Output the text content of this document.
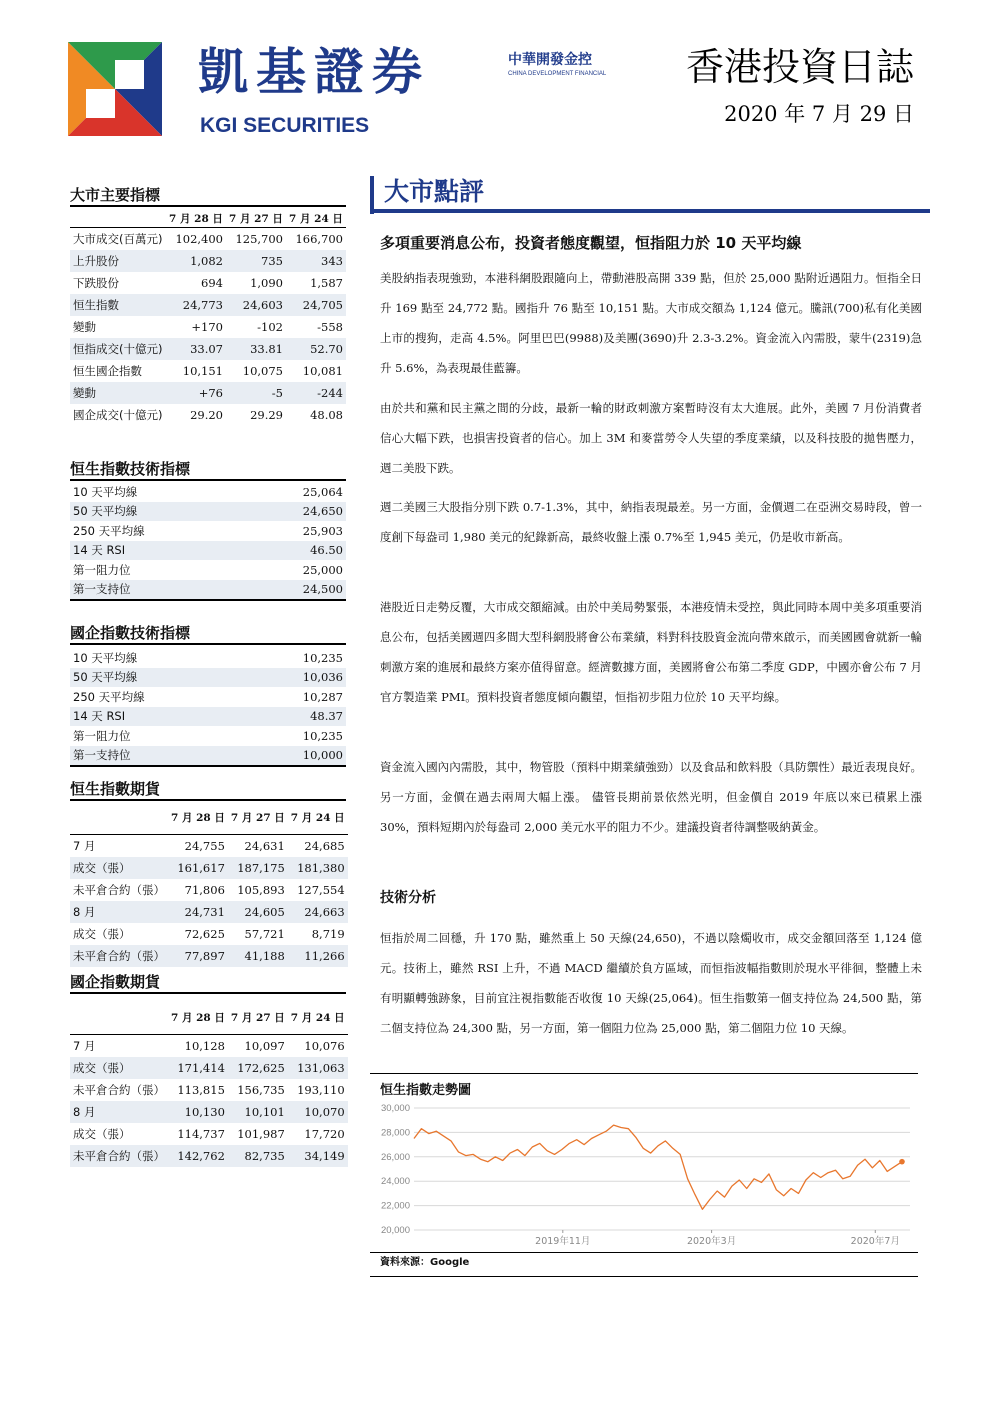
凱基證券
KGI SECURITIES
中華開發金控
CHINA DEVELOPMENT FINANCIAL 香港投資日誌
2020 年 7 月 29 日
大市主要指標
	7 月 28 日	7 月 27 日	7 月 24 日
大市成交(百萬元)	102,400	125,700	166,700
上升股份	1,082	735	343
下跌股份	694	1,090	1,587
恒生指數	24,773	24,603	24,705
變動	+170	-102	-558
恒指成交(十億元)	33.07	33.81	52.70
恒生國企指數	10,151	10,075	10,081
變動	+76	-5	-244
國企成交(十億元)	29.20	29.29	48.08
恒生指數技術指標
10 天平均線	25,064
50 天平均線	24,650
250 天平均線	25,903
14 天 RSI	46.50
第一阻力位	25,000
第一支持位	24,500
國企指數技術指標
10 天平均線	10,235
50 天平均線	10,036
250 天平均線	10,287
14 天 RSI	48.37
第一阻力位	10,235
第一支持位	10,000
恒生指數期貨
	7 月 28 日	7 月 27 日	7 月 24 日
7 月	24,755	24,631	24,685
成交（張）	161,617	187,175	181,380
未平倉合約（張）	71,806	105,893	127,554
8 月	24,731	24,605	24,663
成交（張）	72,625	57,721	8,719
未平倉合約（張）	77,897	41,188	11,266
國企指數期貨
	7 月 28 日	7 月 27 日	7 月 24 日
7 月	10,128	10,097	10,076
成交（張）	171,414	172,625	131,063
未平倉合約（張）	113,815	156,735	193,110
8 月	10,130	10,101	10,070
成交（張）	114,737	101,987	17,720
未平倉合約（張）	142,762	82,735	34,149
大市點評
多項重要消息公布，投資者態度觀望，恒指阻力於 10 天平均線

美股納指表現強勁，本港科網股跟隨向上，帶動港股高開 339 點，但於 25,000 點附近遇阻力。恒指全日升 169 點至 24,772 點。國指升 76 點至 10,151 點。大市成交額為 1,124 億元。騰訊(700)私有化美國上市的搜狗，走高 4.5%。阿里巴巴(9988)及美團(3690)升 2.3-3.2%。資金流入內需股，蒙牛(2319)急升 5.6%，為表現最佳藍籌。

由於共和黨和民主黨之間的分歧，最新一輪的財政刺激方案暫時沒有太大進展。此外，美國 7 月份消費者信心大幅下跌，也損害投資者的信心。加上 3M 和麥當勞令人失望的季度業績，以及科技股的拋售壓力，週二美股下跌。

週二美國三大股指分別下跌 0.7-1.3%，其中，納指表現最差。另一方面，金價週二在亞洲交易時段，曾一度創下每盎司 1,980 美元的紀錄新高，最終收盤上漲 0.7%至 1,945 美元，仍是收市新高。

港股近日走勢反覆，大市成交額縮減。由於中美局勢緊張，本港疫情未受控，與此同時本周中美多項重要消息公布，包括美國週四多間大型科網股將會公布業績，料對科技股資金流向帶來啟示，而美國國會就新一輪刺激方案的進展和最終方案亦值得留意。經濟數據方面，美國將會公布第二季度 GDP，中國亦會公布 7 月官方製造業 PMI。預料投資者態度傾向觀望，恒指初步阻力位於 10 天平均線。

資金流入國內內需股，其中，物管股（預料中期業績強勁）以及食品和飲料股（具防禦性）最近表現良好。 另一方面，金價在過去兩周大幅上漲。 儘管長期前景依然光明，但金價自 2019 年底以來已積累上漲 30%，預料短期內於每盎司 2,000 美元水平的阻力不少。建議投資者待調整吸納黃金。

技術分析

恒指於周二回穩，升 170 點，雖然重上 50 天線(24,650)，不過以陰燭收市，成交金額回落至 1,124 億元。技術上，雖然 RSI 上升，不過 MACD 繼續於負方區域，而恒指波幅指數則於現水平徘徊，整體上未有明顯轉強跡象，目前宜注視指數能否收復 10 天線(25,064)。恒生指數第一個支持位為 24,500 點，第二個支持位為 24,300 點，另一方面，第一個阻力位為 25,000 點，第二個阻力位 10 天線。

恒生指數走勢圖
30,000
28,000
26,000
24,000
22,000
20,000
2019年11月	2020年3月	2020年7月
資料來源：Google
